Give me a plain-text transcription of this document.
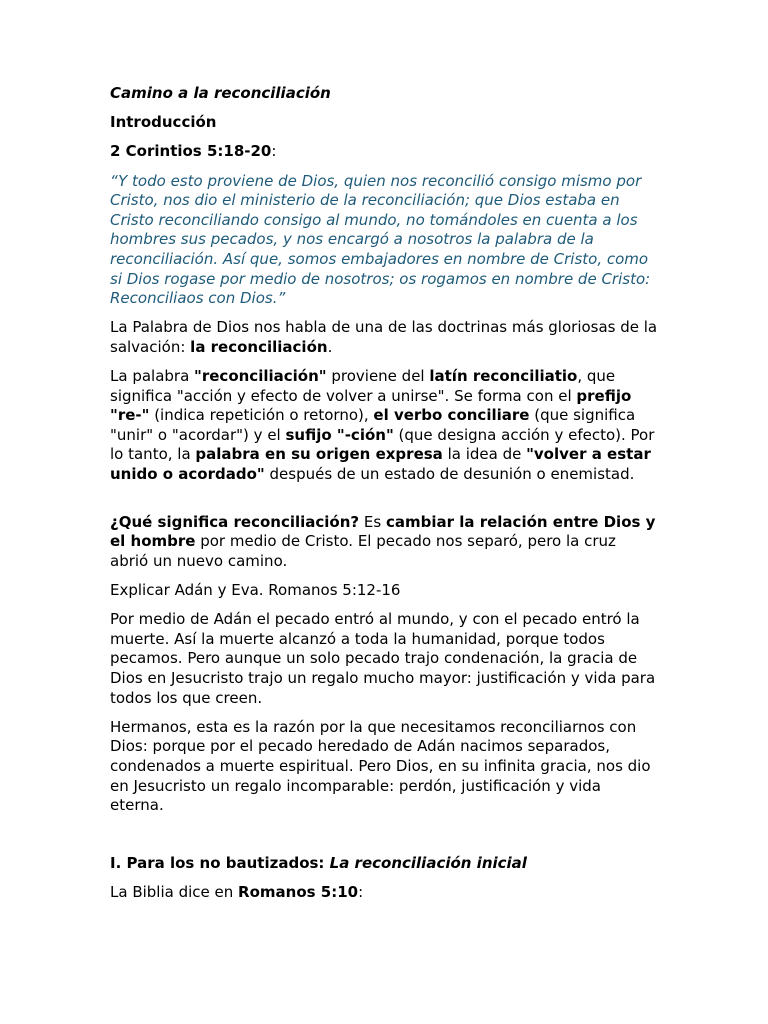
Camino a la reconciliación

Introducción

2 Corintios 5:18-20:

“Y todo esto proviene de Dios, quien nos reconcilió consigo mismo por Cristo, nos dio el ministerio de la reconciliación; que Dios estaba en Cristo reconciliando consigo al mundo, no tomándoles en cuenta a los hombres sus pecados, y nos encargó a nosotros la palabra de la reconciliación. Así que, somos embajadores en nombre de Cristo, como si Dios rogase por medio de nosotros; os rogamos en nombre de Cristo: Reconciliaos con Dios.”

La Palabra de Dios nos habla de una de las doctrinas más gloriosas de la salvación: la reconciliación.

La palabra "reconciliación" proviene del latín reconciliatio, que significa "acción y efecto de volver a unirse". Se forma con el prefijo "re-" (indica repetición o retorno), el verbo conciliare (que significa "unir" o "acordar") y el sufijo "-ción" (que designa acción y efecto). Por lo tanto, la palabra en su origen expresa la idea de "volver a estar unido o acordado" después de un estado de desunión o enemistad.

¿Qué significa reconciliación? Es cambiar la relación entre Dios y el hombre por medio de Cristo. El pecado nos separó, pero la cruz abrió un nuevo camino.

Explicar Adán y Eva. Romanos 5:12-16

Por medio de Adán el pecado entró al mundo, y con el pecado entró la muerte. Así la muerte alcanzó a toda la humanidad, porque todos pecamos. Pero aunque un solo pecado trajo condenación, la gracia de Dios en Jesucristo trajo un regalo mucho mayor: justificación y vida para todos los que creen.

Hermanos, esta es la razón por la que necesitamos reconciliarnos con Dios: porque por el pecado heredado de Adán nacimos separados, condenados a muerte espiritual. Pero Dios, en su infinita gracia, nos dio en Jesucristo un regalo incomparable: perdón, justificación y vida eterna.

I. Para los no bautizados: La reconciliación inicial

La Biblia dice en Romanos 5:10:
